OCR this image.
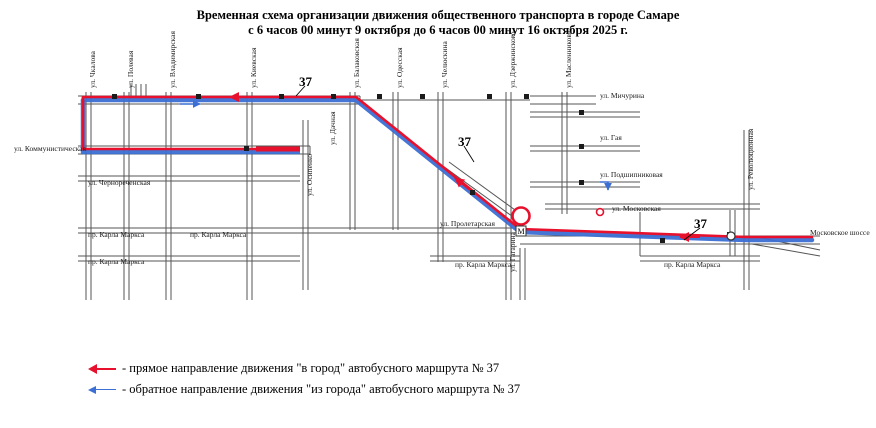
Временная схема организации движения общественного транспорта в городе Самаре
с 6 часов 00 минут 9 октября до 6 часов 00 минут 16 октября 2025 г.
М
ул. Чкалова	ул. Полевая	ул. Владимирская	ул. Киевская	ул. Балаковская	ул. Одесская	ул. Челюскина
ул. Дачная
ул. Дзержинского	ул. Масленникова
ул. Революционная
ул. Коммунистическая
ул. Мичурина
ул. Гая
ул. Подшипниковая
ул. Московская
ул. Чернореченская
пр. Карла Маркса
пр. Карла Маркса
пр. Карла Маркса
пр. Карла Маркса	пр. Карла Маркса
ул. Пролетарская
ул. Осипенко
ул. Гагарина	Московское шоссе
37
37
37
- прямое направление движения "в город" автобусного маршрута № 37
- обратное направление движения "из города" автобусного маршрута № 37
